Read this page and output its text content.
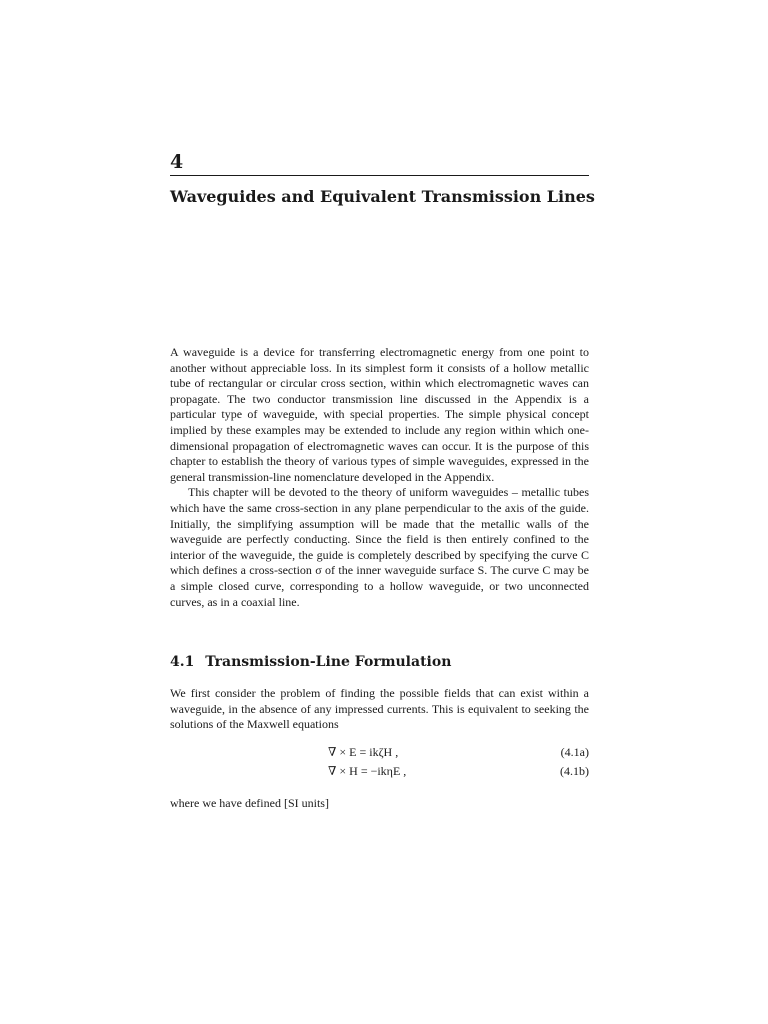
4
Waveguides and Equivalent Transmission Lines

A waveguide is a device for transferring electromagnetic energy from one point to another without appreciable loss. In its simplest form it consists of a hollow metallic tube of rectangular or circular cross section, within which electromagnetic waves can propagate. The two conductor transmission line discussed in the Appendix is a particular type of waveguide, with special properties. The simple physical concept implied by these examples may be extended to include any region within which one-dimensional propagation of electromagnetic waves can occur. It is the purpose of this chapter to establish the theory of various types of simple waveguides, expressed in the general transmission-line nomenclature developed in the Appendix.

This chapter will be devoted to the theory of uniform waveguides – metallic tubes which have the same cross-section in any plane perpendicular to the axis of the guide. Initially, the simplifying assumption will be made that the metallic walls of the waveguide are perfectly conducting. Since the field is then entirely confined to the interior of the waveguide, the guide is completely described by specifying the curve C which defines a cross-section σ of the inner waveguide surface S. The curve C may be a simple closed curve, corresponding to a hollow waveguide, or two unconnected curves, as in a coaxial line.

4.1 Transmission-Line Formulation

We first consider the problem of finding the possible fields that can exist within a waveguide, in the absence of any impressed currents. This is equivalent to seeking the solutions of the Maxwell equations

∇ × E = ikζH ,	(4.1a)
∇ × H = −ikηE ,	(4.1b)
where we have defined [SI units]
